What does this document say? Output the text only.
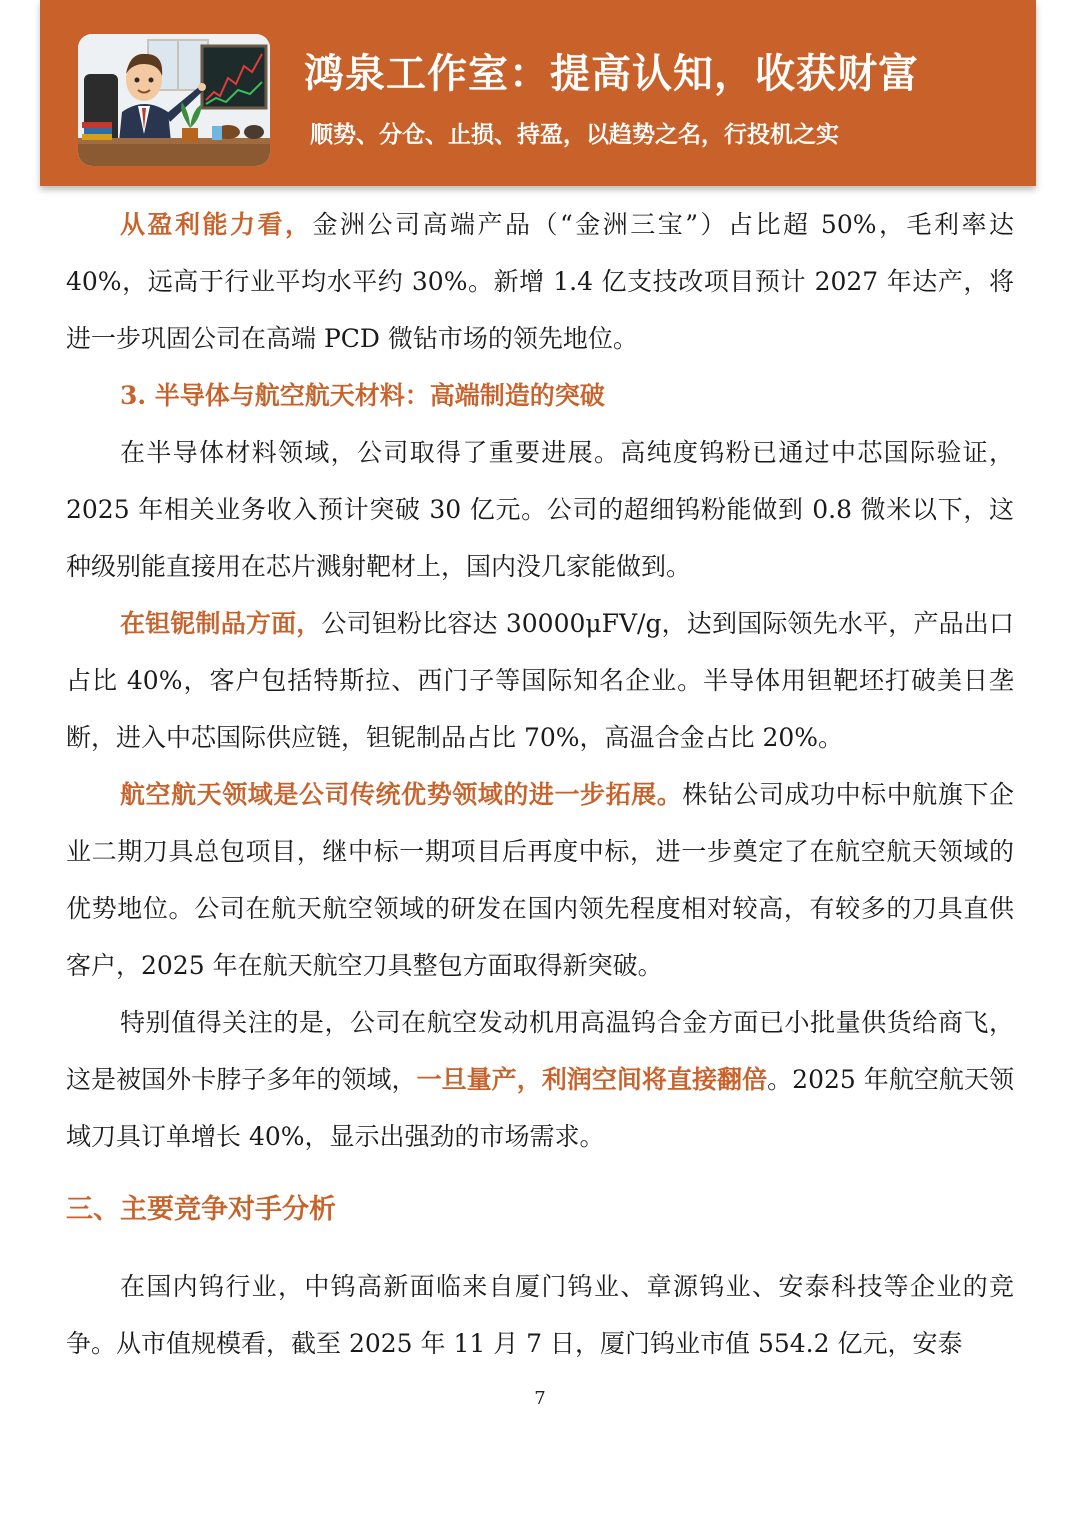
鸿泉工作室：提高认知，收获财富
顺势、分仓、止损、持盈，以趋势之名，行投机之实

从盈利能力看，金洲公司高端产品（“金洲三宝”）占比超 50%，毛利率达 40%，远高于行业平均水平约 30%。新增 1.4 亿支技改项目预计 2027 年达产，将进一步巩固公司在高端 PCD 微钻市场的领先地位。

3. 半导体与航空航天材料：高端制造的突破

在半导体材料领域，公司取得了重要进展。高纯度钨粉已通过中芯国际验证，2025 年相关业务收入预计突破 30 亿元。公司的超细钨粉能做到 0.8 微米以下，这种级别能直接用在芯片溅射靶材上，国内没几家能做到。

在钽铌制品方面，公司钽粉比容达 30000μFV/g，达到国际领先水平，产品出口占比 40%，客户包括特斯拉、西门子等国际知名企业。半导体用钽靶坯打破美日垄断，进入中芯国际供应链，钽铌制品占比 70%，高温合金占比 20%。

航空航天领域是公司传统优势领域的进一步拓展。株钻公司成功中标中航旗下企业二期刀具总包项目，继中标一期项目后再度中标，进一步奠定了在航空航天领域的优势地位。公司在航天航空领域的研发在国内领先程度相对较高，有较多的刀具直供客户，2025 年在航天航空刀具整包方面取得新突破。

特别值得关注的是，公司在航空发动机用高温钨合金方面已小批量供货给商飞，这是被国外卡脖子多年的领域，一旦量产，利润空间将直接翻倍。2025 年航空航天领域刀具订单增长 40%，显示出强劲的市场需求。

三、主要竞争对手分析

在国内钨行业，中钨高新面临来自厦门钨业、章源钨业、安泰科技等企业的竞争。从市值规模看，截至 2025 年 11 月 7 日，厦门钨业市值 554.2 亿元，安泰

7
